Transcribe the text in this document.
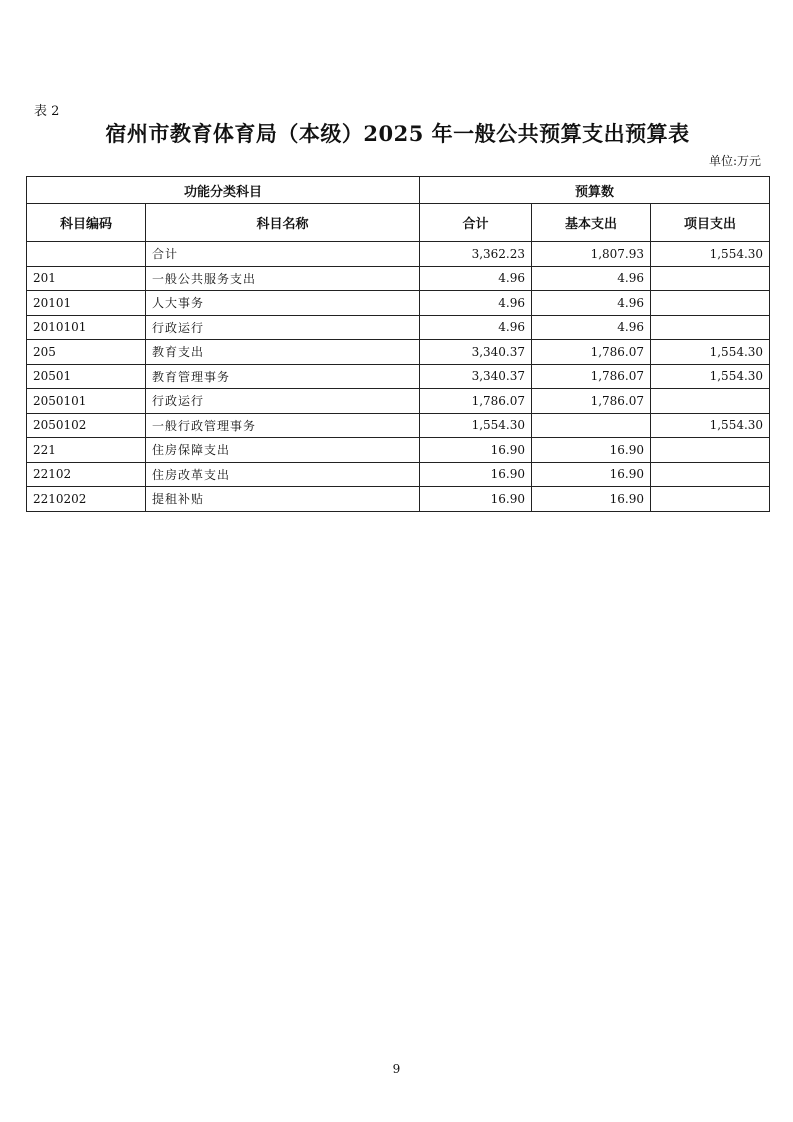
表 2
宿州市教育体育局（本级）2025 年一般公共预算支出预算表
单位:万元
功能分类科目		预算数		
科目编码	科目名称	合计	基本支出	项目支出
	合计	3,362.23	1,807.93	1,554.30
201	一般公共服务支出	4.96	4.96	
20101	人大事务	4.96	4.96	
2010101	行政运行	4.96	4.96	
205	教育支出	3,340.37	1,786.07	1,554.30
20501	教育管理事务	3,340.37	1,786.07	1,554.30
2050101	行政运行	1,786.07	1,786.07	
2050102	一般行政管理事务	1,554.30		1,554.30
221	住房保障支出	16.90	16.90	
22102	住房改革支出	16.90	16.90	
2210202	提租补贴	16.90	16.90	
9
